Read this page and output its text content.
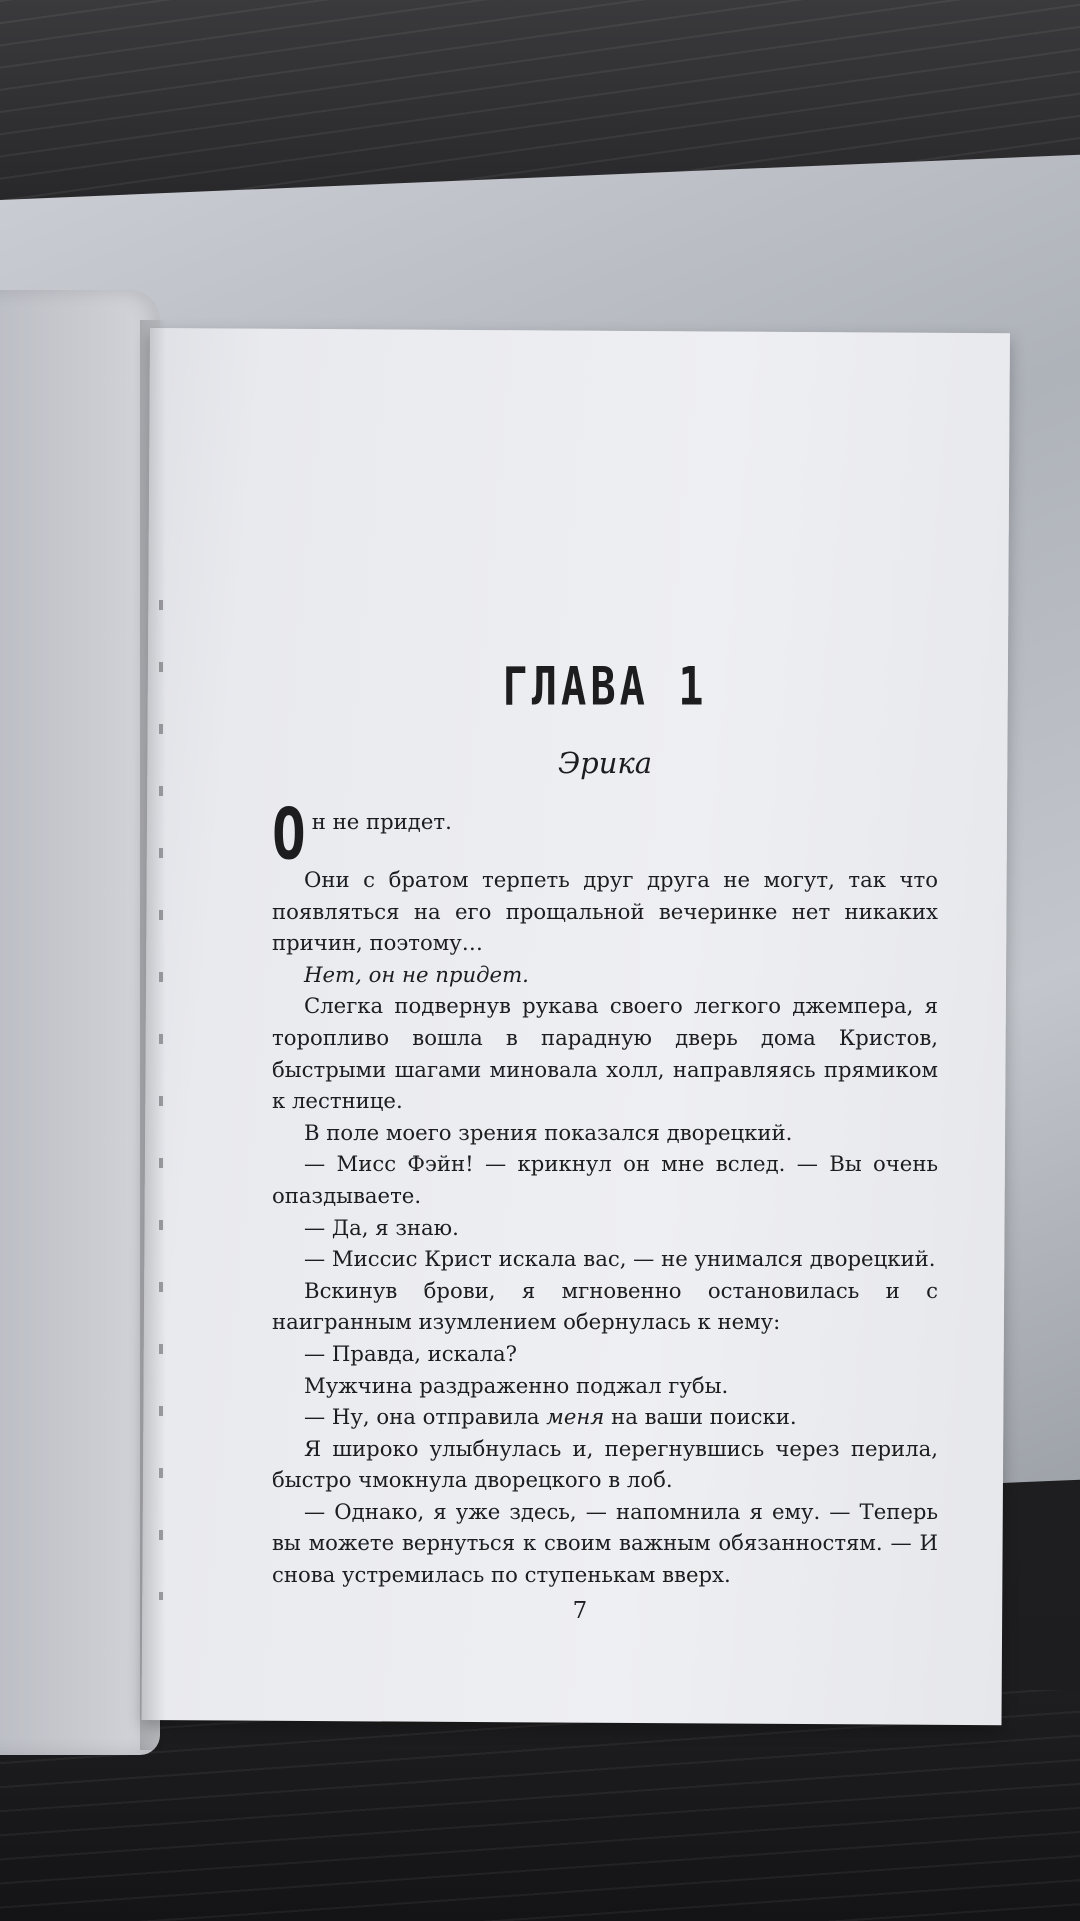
ГЛАВА 1
Эрика

Он не придет.

Они с братом терпеть друг друга не могут, так что появляться на его прощальной вечеринке нет никаких причин, поэтому…

Нет, он не придет.

Слегка подвернув рукава своего легкого джемпера, я торопливо вошла в парадную дверь дома Кристов, быстрыми шагами миновала холл, направляясь прямиком к лестнице.

В поле моего зрения показался дворецкий.

— Мисс Фэйн! — крикнул он мне вслед. — Вы очень опаздываете.

— Да, я знаю.

— Миссис Крист искала вас, — не унимался дворецкий.

Вскинув брови, я мгновенно остановилась и с наигранным изумлением обернулась к нему:

— Правда, искала?

Мужчина раздраженно поджал губы.

— Ну, она отправила меня на ваши поиски.

Я широко улыбнулась и, перегнувшись через перила, быстро чмокнула дворецкого в лоб.

— Однако, я уже здесь, — напомнила я ему. — Теперь вы можете вернуться к своим важным обязанностям. — И снова устремилась по ступенькам вверх.

7
